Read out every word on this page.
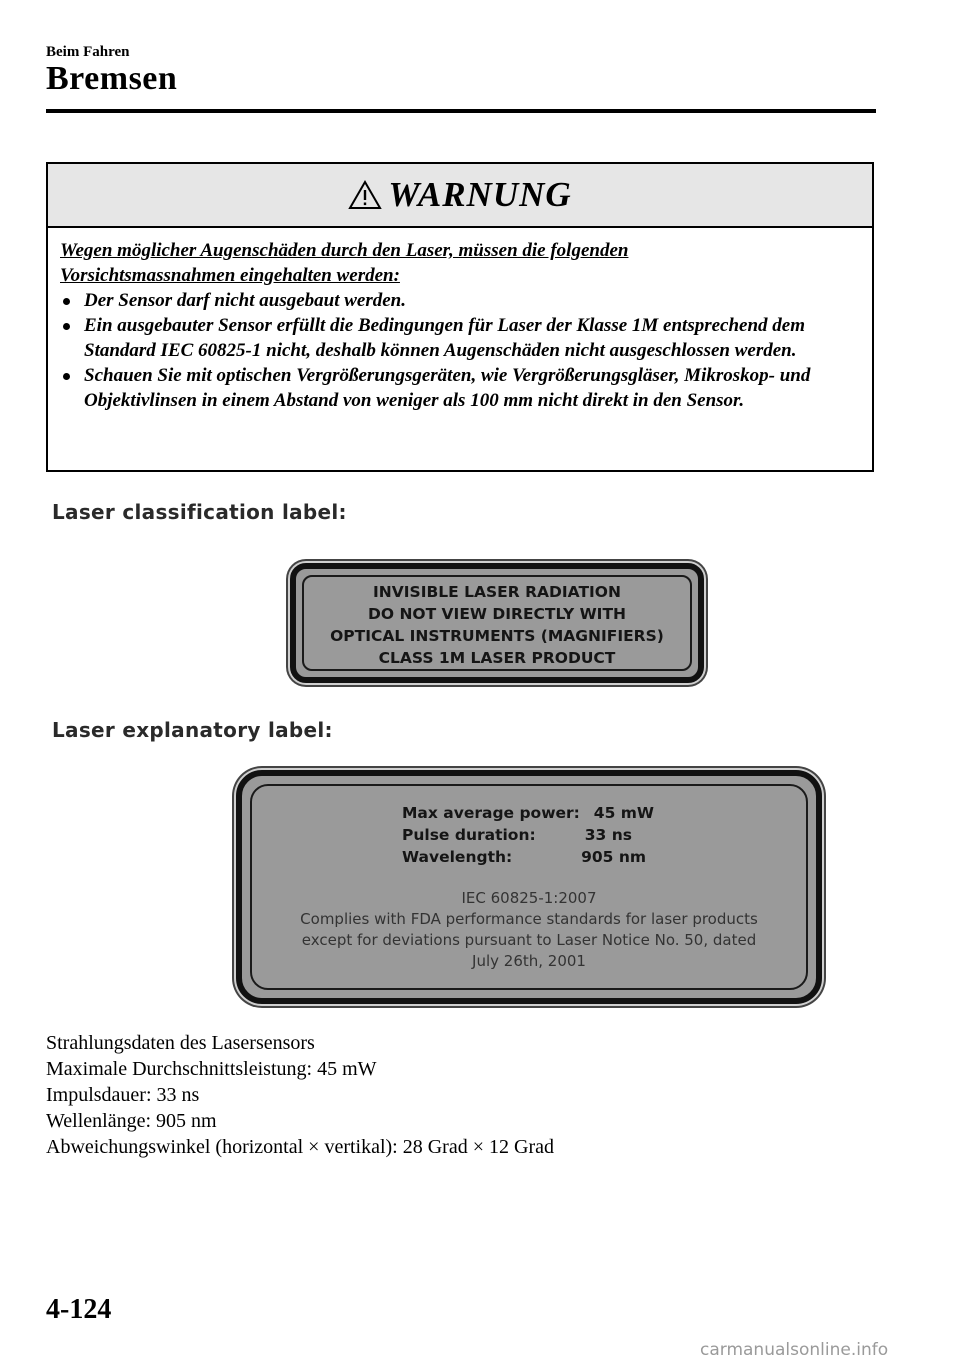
Beim Fahren
Bremsen
WARNUNG
Wegen möglicher Augenschäden durch den Laser, müssen die folgenden
Vorsichtsmassnahmen eingehalten werden:
Der Sensor darf nicht ausgebaut werden.
Ein ausgebauter Sensor erfüllt die Bedingungen für Laser der Klasse 1M entsprechend dem Standard IEC 60825-1 nicht, deshalb können Augenschäden nicht ausgeschlossen werden.
Schauen Sie mit optischen Vergrößerungsgeräten, wie Vergrößerungsgläser, Mikroskop- und Objektivlinsen in einem Abstand von weniger als 100 mm nicht direkt in den Sensor.
Laser classification label:
INVISIBLE LASER RADIATION
DO NOT VIEW DIRECTLY WITH
OPTICAL INSTRUMENTS (MAGNIFIERS)
CLASS 1M LASER PRODUCT
Laser explanatory label:
Max average power: 45 mW
Pulse duration:	33 ns
Wavelength:	905 nm
IEC 60825-1:2007
Complies with FDA performance standards for laser products
except for deviations pursuant to Laser Notice No. 50, dated
July 26th, 2001
Strahlungsdaten des Lasersensors
Maximale Durchschnittsleistung: 45 mW
Impulsdauer: 33 ns
Wellenlänge: 905 nm
Abweichungswinkel (horizontal × vertikal): 28 Grad × 12 Grad
4-124
carmanualsonline.info
